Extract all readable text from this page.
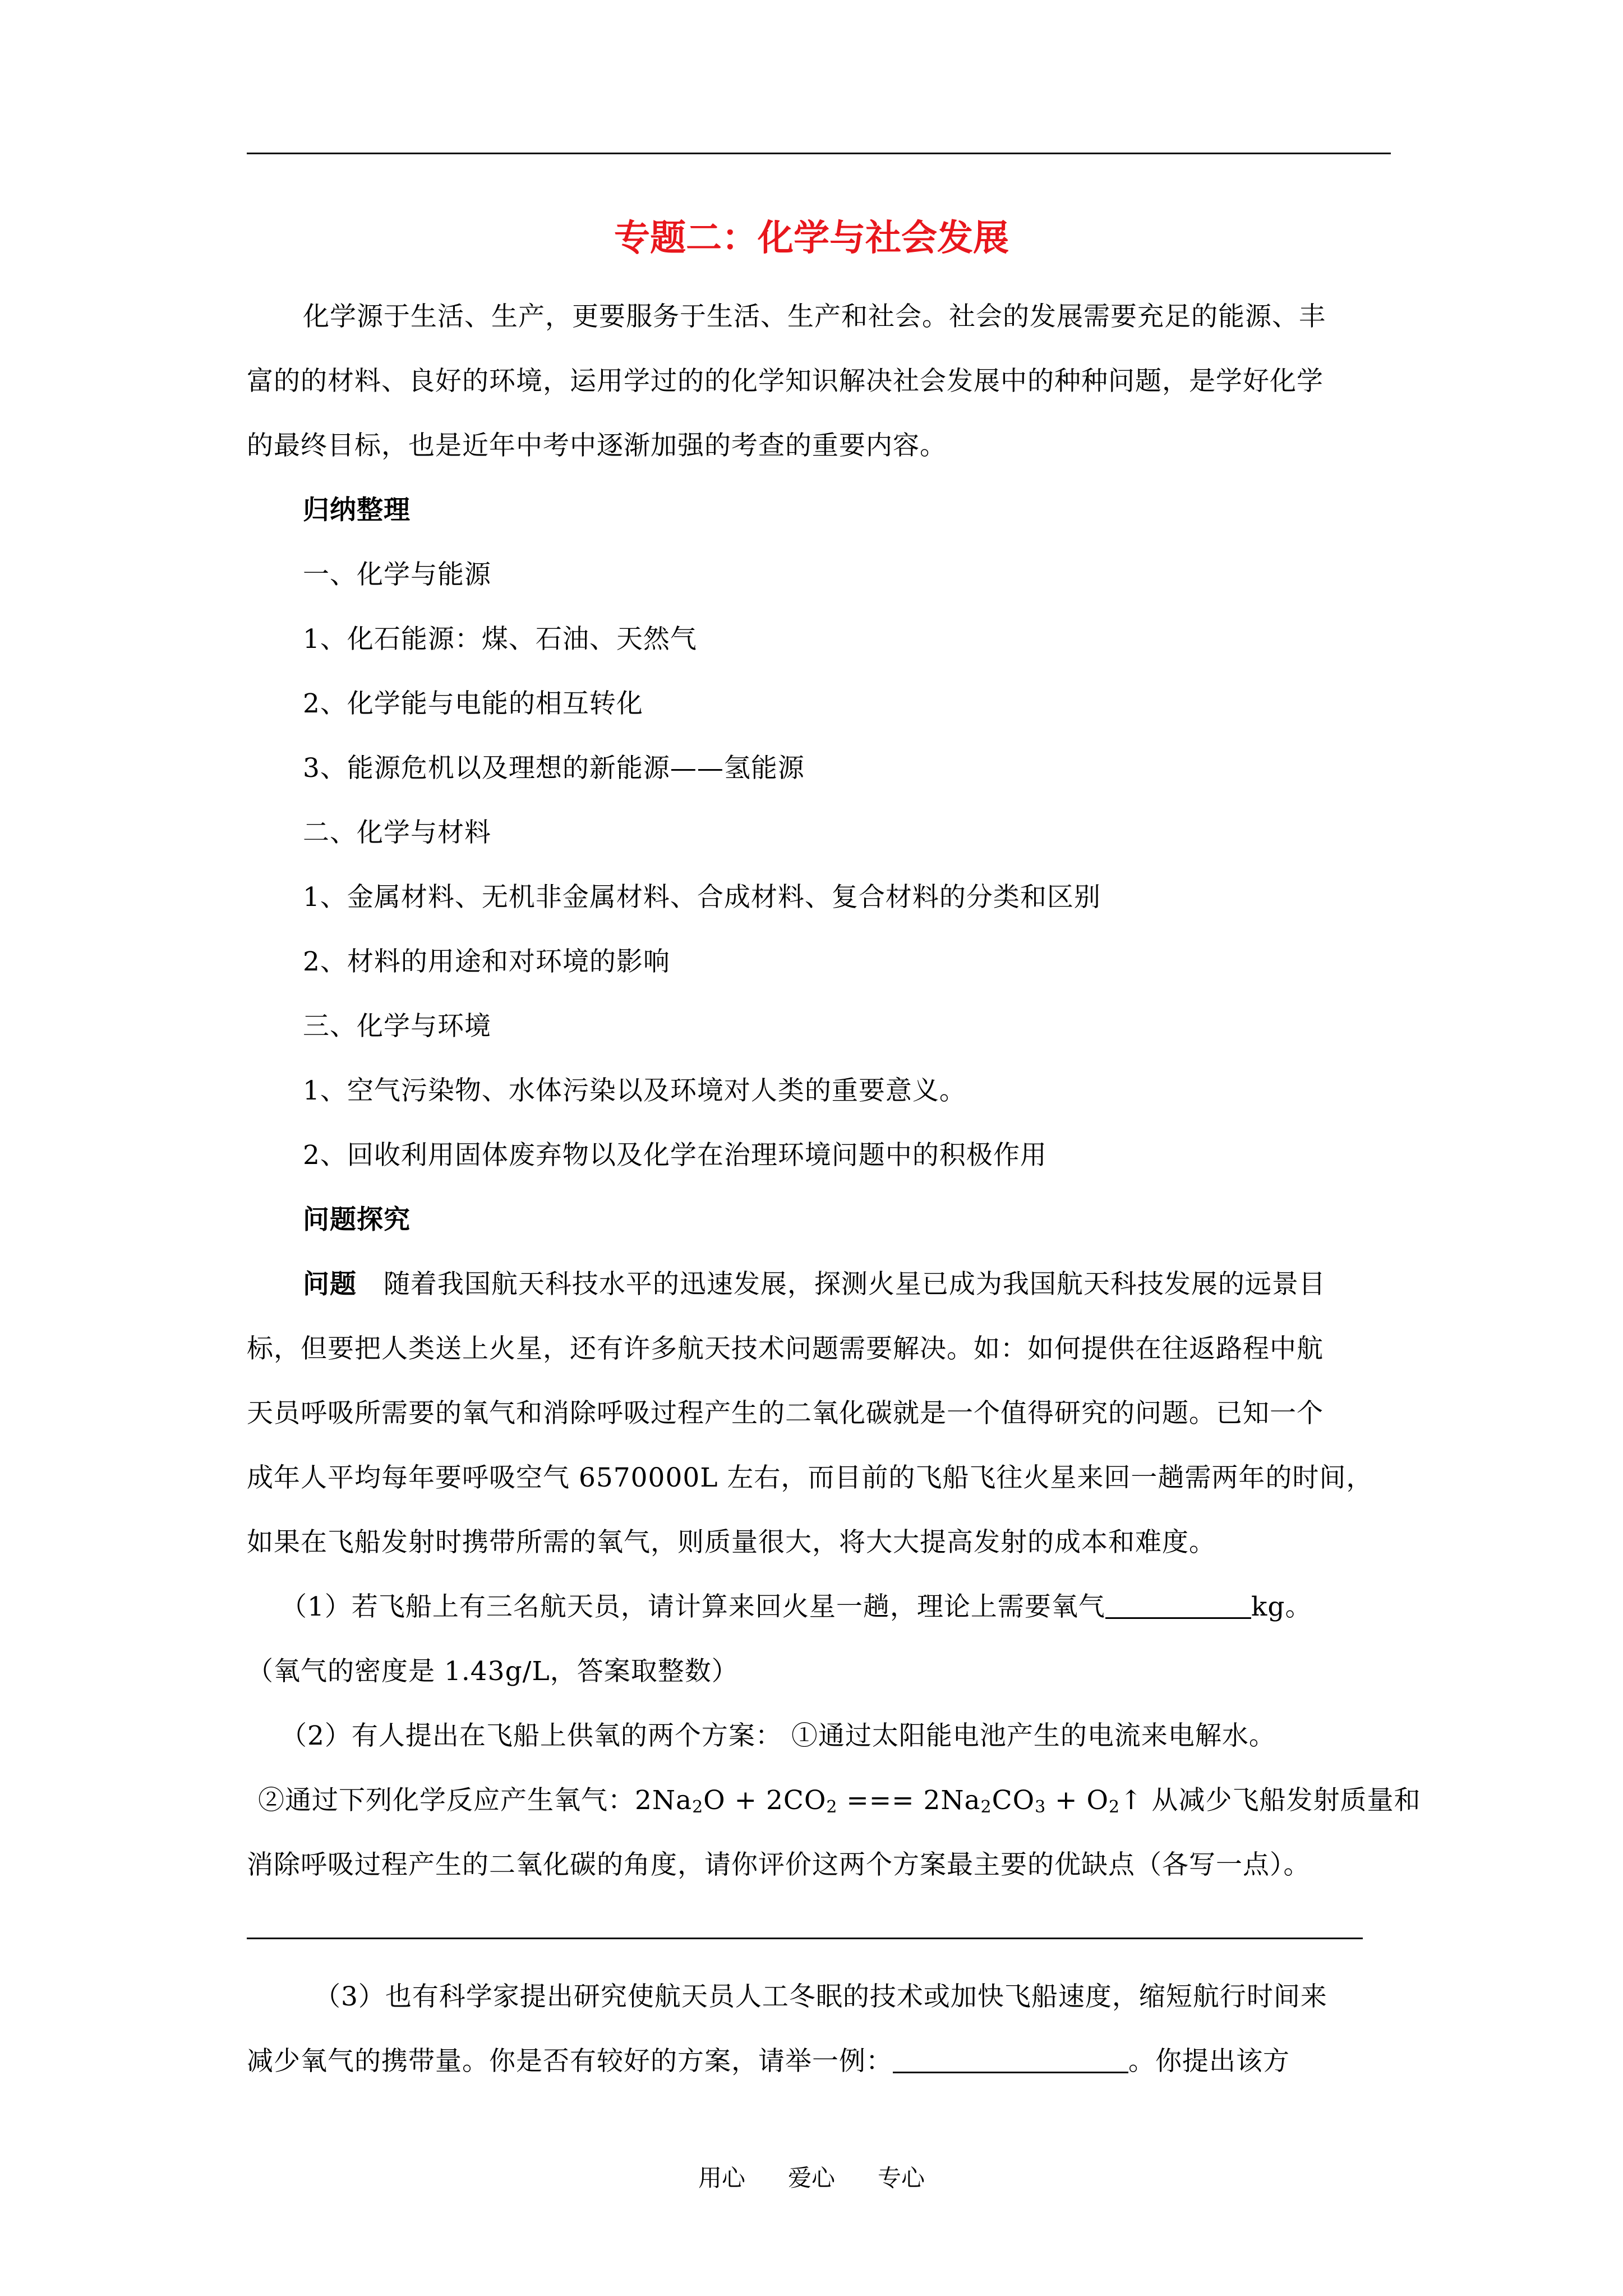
专题二：化学与社会发展
化学源于生活、生产，更要服务于生活、生产和社会。社会的发展需要充足的能源、丰
富的的材料、良好的环境，运用学过的的化学知识解决社会发展中的种种问题，是学好化学
的最终目标，也是近年中考中逐渐加强的考查的重要内容。
归纳整理
一、化学与能源
1、化石能源：煤、石油、天然气
2、化学能与电能的相互转化
3、能源危机以及理想的新能源——氢能源
二、化学与材料
1、金属材料、无机非金属材料、合成材料、复合材料的分类和区别
2、材料的用途和对环境的影响
三、化学与环境
1、空气污染物、水体污染以及环境对人类的重要意义。
2、回收利用固体废弃物以及化学在治理环境问题中的积极作用
问题探究
问题 随着我国航天科技水平的迅速发展，探测火星已成为我国航天科技发展的远景目
标，但要把人类送上火星，还有许多航天技术问题需要解决。如：如何提供在往返路程中航
天员呼吸所需要的氧气和消除呼吸过程产生的二氧化碳就是一个值得研究的问题。已知一个
成年人平均每年要呼吸空气 6570000L 左右，而目前的飞船飞往火星来回一趟需两年的时间，
如果在飞船发射时携带所需的氧气，则质量很大，将大大提高发射的成本和难度。
（1）若飞船上有三名航天员，请计算来回火星一趟，理论上需要氧气	kg。
（氧气的密度是 1.43g/L，答案取整数）
（2）有人提出在飞船上供氧的两个方案： ①通过太阳能电池产生的电流来电解水。
②通过下列化学反应产生氧气：$2Na_2O + 2CO_2$ === $2Na_2CO_3$ + $O_2↑$ 从减少飞船发射质量和
消除呼吸过程产生的二氧化碳的角度，请你评价这两个方案最主要的优缺点（各写一点）。
（3）也有科学家提出研究使航天员人工冬眠的技术或加快飞船速度，缩短航行时间来
减少氧气的携带量。你是否有较好的方案，请举一例：	。你提出该方
用心 爱心 专心
